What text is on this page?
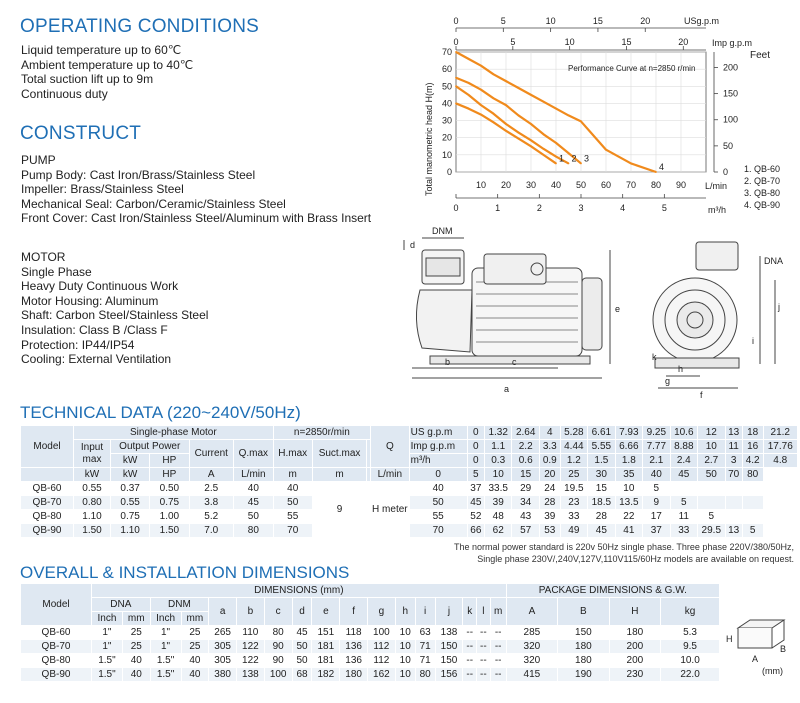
OPERATING CONDITIONS
Liquid temperature up to 60℃
Ambient temperature up to 40℃
Total suction lift up to 9m
Continuous duty
CONSTRUCT
PUMP
Pump Body: Cast Iron/Brass/Stainless Steel
Impeller: Brass/Stainless Steel
Mechanical Seal: Carbon/Ceramic/Stainless Steel
Front Cover: Cast Iron/Stainless Steel/Aluminum with Brass Insert
MOTOR
Single Phase
Heavy Duty Continuous Work
Motor Housing: Aluminum
Shaft: Carbon Steel/Stainless Steel
Insulation: Class B /Class F
Protection: IP44/IP54
Cooling: External Ventilation
0
10
20
30
40
50
60
70
10 20 30 40 50 60 70 80 90
0	5	10	15	20
0	5	10	15	20
0
50
100
150
200
0	1	2	3	4	5
1 2 3
4
Performance Curve at n=2850 r/min
Total manometric head H(m)	L/min
USg.p.m
Imp g.p.m
Feet
m³/h
1. QB-60
2. QB-70
3. QB-80
4. QB-90
d
DNM
DNA
e
b	c
a
i
j
k
h
g
f
TECHNICAL DATA (220~240V/50Hz)
Model	Single-phase Motor					n=2850r/min			Q	US g.p.m	0	1.32	2.64	4	5.28	6.61	7.93	9.25	10.6	12	13	18	21.2
	Input max	Output Power		Current	Q.max	H.max	Suct.max			Imp g.p.m	0	1.1	2.2	3.3	4.44	5.55	6.66	7.77	8.88	10	11	16	17.76
		kW	HP							m³/h	0	0.3	0.6	0.9	1.2	1.5	1.8	2.1	2.4	2.7	3	4.2	4.8
	kW	kW	HP	A	L/min	m	m		L/min	0	5	10	15	20	25	30	35	40	45	50	70	80	
QB-60	0.55	0.37	0.50	2.5	40	40	9		H meter	40	37	33.5	29	24	19.5	15	10	5					
QB-70	0.80	0.55	0.75	3.8	45	50				50	45	39	34	28	23	18.5	13.5	9	5				
QB-80	1.10	0.75	1.00	5.2	50	55				55	52	48	43	39	33	28	22	17	11	5			
QB-90	1.50	1.10	1.50	7.0	80	70				70	66	62	57	53	49	45	41	37	33	29.5	13	5	
The normal power standard is 220v 50Hz single phase. Three phase 220V/380/50Hz,
Single phase 230V/,240V,127V,110V115/60Hz models are available on request.
OVERALL & INSTALLATION DIMENSIONS
Model	DIMENSIONS (mm)																	PACKAGE DIMENSIONS & G.W.			
	DNA		DNM		a	b	c	d	e	f	g	h	i	j	k	l	m	A	B	H	kg
	Inch	mm	Inch	mm																	
QB-60	1"	25	1"	25	265	110	80	45	151	118	100	10	63	138	--	--	--	285	150	180	5.3
QB-70	1"	25	1"	25	305	122	90	50	181	136	112	10	71	150	--	--	--	320	180	200	9.5
QB-80	1.5"	40	1.5"	40	305	122	90	50	181	136	112	10	71	150	--	--	--	320	180	200	10.0
QB-90	1.5"	40	1.5"	40	380	138	100	68	182	180	162	10	80	156	--	--	--	415	190	230	22.0
H
A
B
(mm)
